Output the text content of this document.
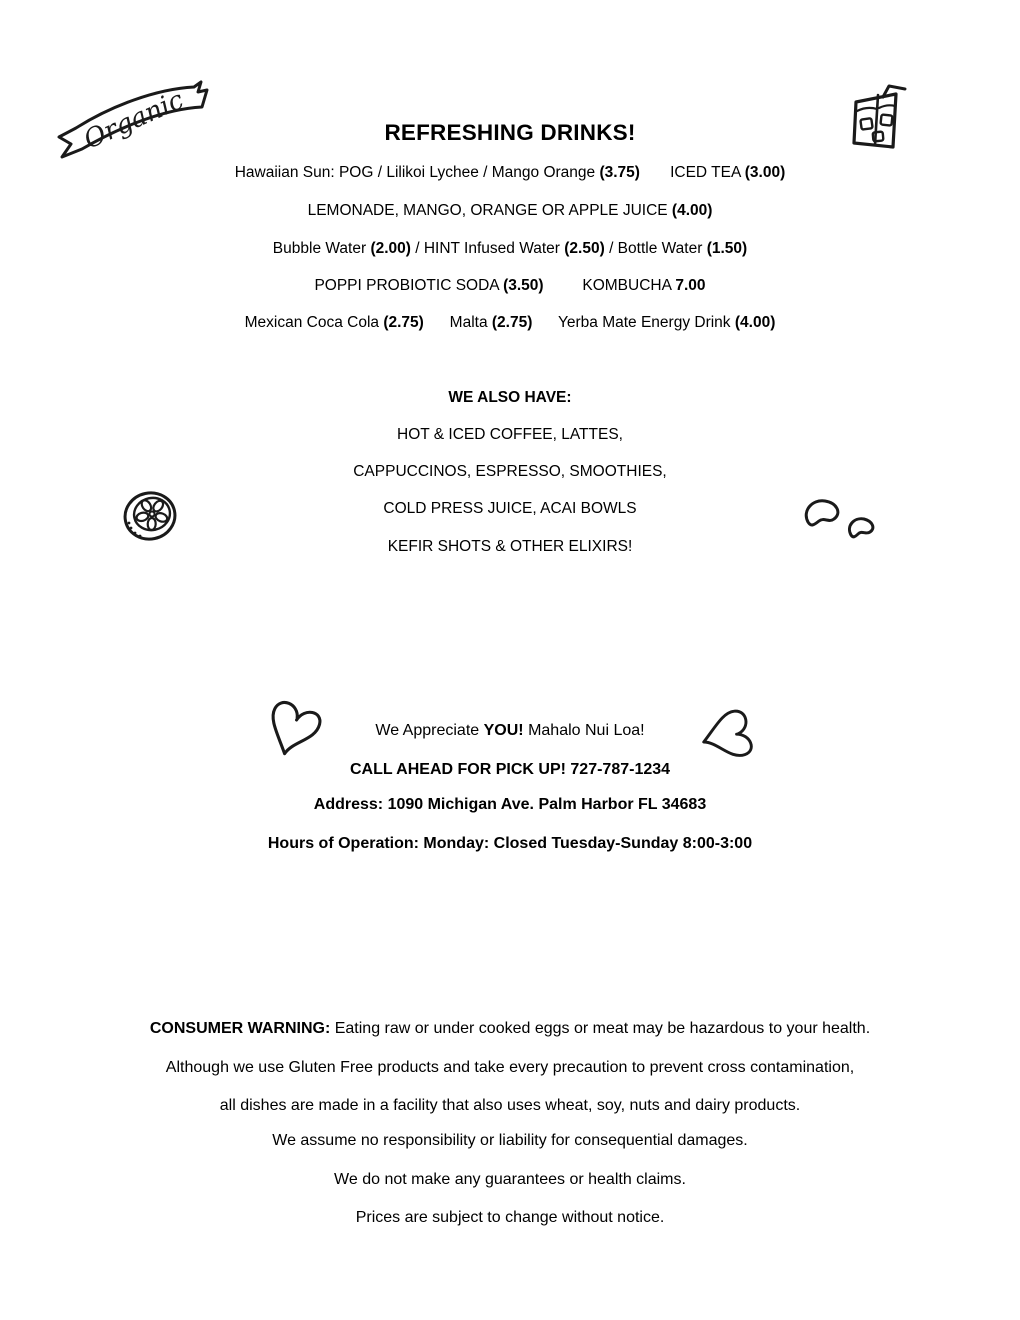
Organic	REFRESHING DRINKS!
Hawaiian Sun: POG / Lilikoi Lychee / Mango Orange (3.75)       ICED TEA (3.00)
LEMONADE, MANGO, ORANGE OR APPLE JUICE (4.00)
Bubble Water (2.00) / HINT Infused Water (2.50) / Bottle Water (1.50)
POPPI PROBIOTIC SODA (3.50)         KOMBUCHA 7.00
Mexican Coca Cola (2.75)      Malta (2.75)      Yerba Mate Energy Drink (4.00)
WE ALSO HAVE:
HOT & ICED COFFEE, LATTES,
CAPPUCCINOS, ESPRESSO, SMOOTHIES,
COLD PRESS JUICE, ACAI BOWLS
KEFIR SHOTS & OTHER ELIXIRS!
We Appreciate YOU! Mahalo Nui Loa!
CALL AHEAD FOR PICK UP! 727-787-1234
Address: 1090 Michigan Ave. Palm Harbor FL 34683
Hours of Operation: Monday: Closed Tuesday-Sunday 8:00-3:00
CONSUMER WARNING: Eating raw or under cooked eggs or meat may be hazardous to your health.
Although we use Gluten Free products and take every precaution to prevent cross contamination,
all dishes are made in a facility that also uses wheat, soy, nuts and dairy products.
We assume no responsibility or liability for consequential damages.
We do not make any guarantees or health claims.
Prices are subject to change without notice.
